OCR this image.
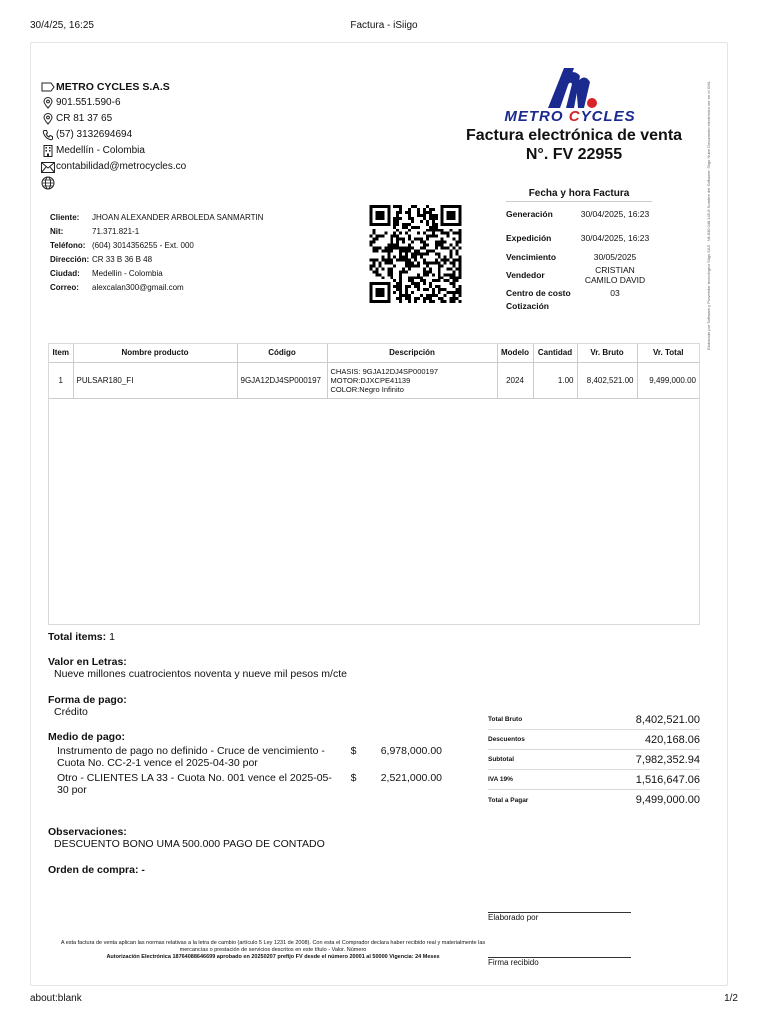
30/4/25, 16:25	Factura - iSiigo
METRO CYCLES S.A.S
901.551.590-6
CR 81 37 65
(57) 3132694694
Medellín - Colombia
contabilidad@metrocycles.co
METRO CYCLES
Factura electrónica de venta
N°. FV 22955	Elaborado por Software y Proveedor tecnológico Siigo SAS · Nit 830.048.145-8 Nombre del Software: Siigo Nube Documento electrónico ver en el XML
Cliente:	JHOAN ALEXANDER ARBOLEDA SANMARTIN
Nit:	71.371.821-1
Teléfono: (604) 3014356255 - Ext. 000
Dirección: CR 33 B 36 B 48
Ciudad:	Medellin - Colombia
Correo:	alexcalan300@gmail.com
Fecha y hora Factura
Generación	30/04/2025, 16:23
Expedición	30/04/2025, 16:23
Vencimiento	30/05/2025
Vendedor	CRISTIAN CAMILO DAVID
Centro de costo	03
Cotización
Item	Nombre producto	Código	Descripción	Modelo	Cantidad	Vr. Bruto	Vr. Total
1	PULSAR180_FI	9GJA12DJ4SP000197	CHASIS: 9GJA12DJ4SP000197
MOTOR:DJXCPE41139
COLOR:Negro Infinito	2024	1.00	8,402,521.00	9,499,000.00
Total items: 1
Valor en Letras:
Nueve millones cuatrocientos noventa y nueve mil pesos m/cte
Forma de pago:
Crédito
Medio de pago:
Instrumento de pago no definido - Cruce de vencimiento - Cuota No. CC-2-1 vence el 2025-04-30 por
$	6,978,000.00
Otro - CLIENTES LA 33 - Cuota No. 001 vence el 2025-05-30 por
$	2,521,000.00
Observaciones:
DESCUENTO BONO UMA 500.000 PAGO DE CONTADO
Orden de compra: -
Total Bruto	8,402,521.00
Descuentos	420,168.06
Subtotal	7,982,352.94
IVA 19%	1,516,647.06
Total a Pagar	9,499,000.00
Elaborado por
Firma recibido
A esta factura de venta aplican las normas relativas a la letra de cambio (artículo 5 Ley 1231 de 2008). Con esta el Comprador declara haber recibido real y materialmente las mercancías o prestación de servicios descritos en este título - Valor. Número
Autorización Electrónica 18764088646699 aprobado en 20250207 prefijo FV desde el número 20001 al 50000 Vigencia: 24 Meses
about:blank	1/2
